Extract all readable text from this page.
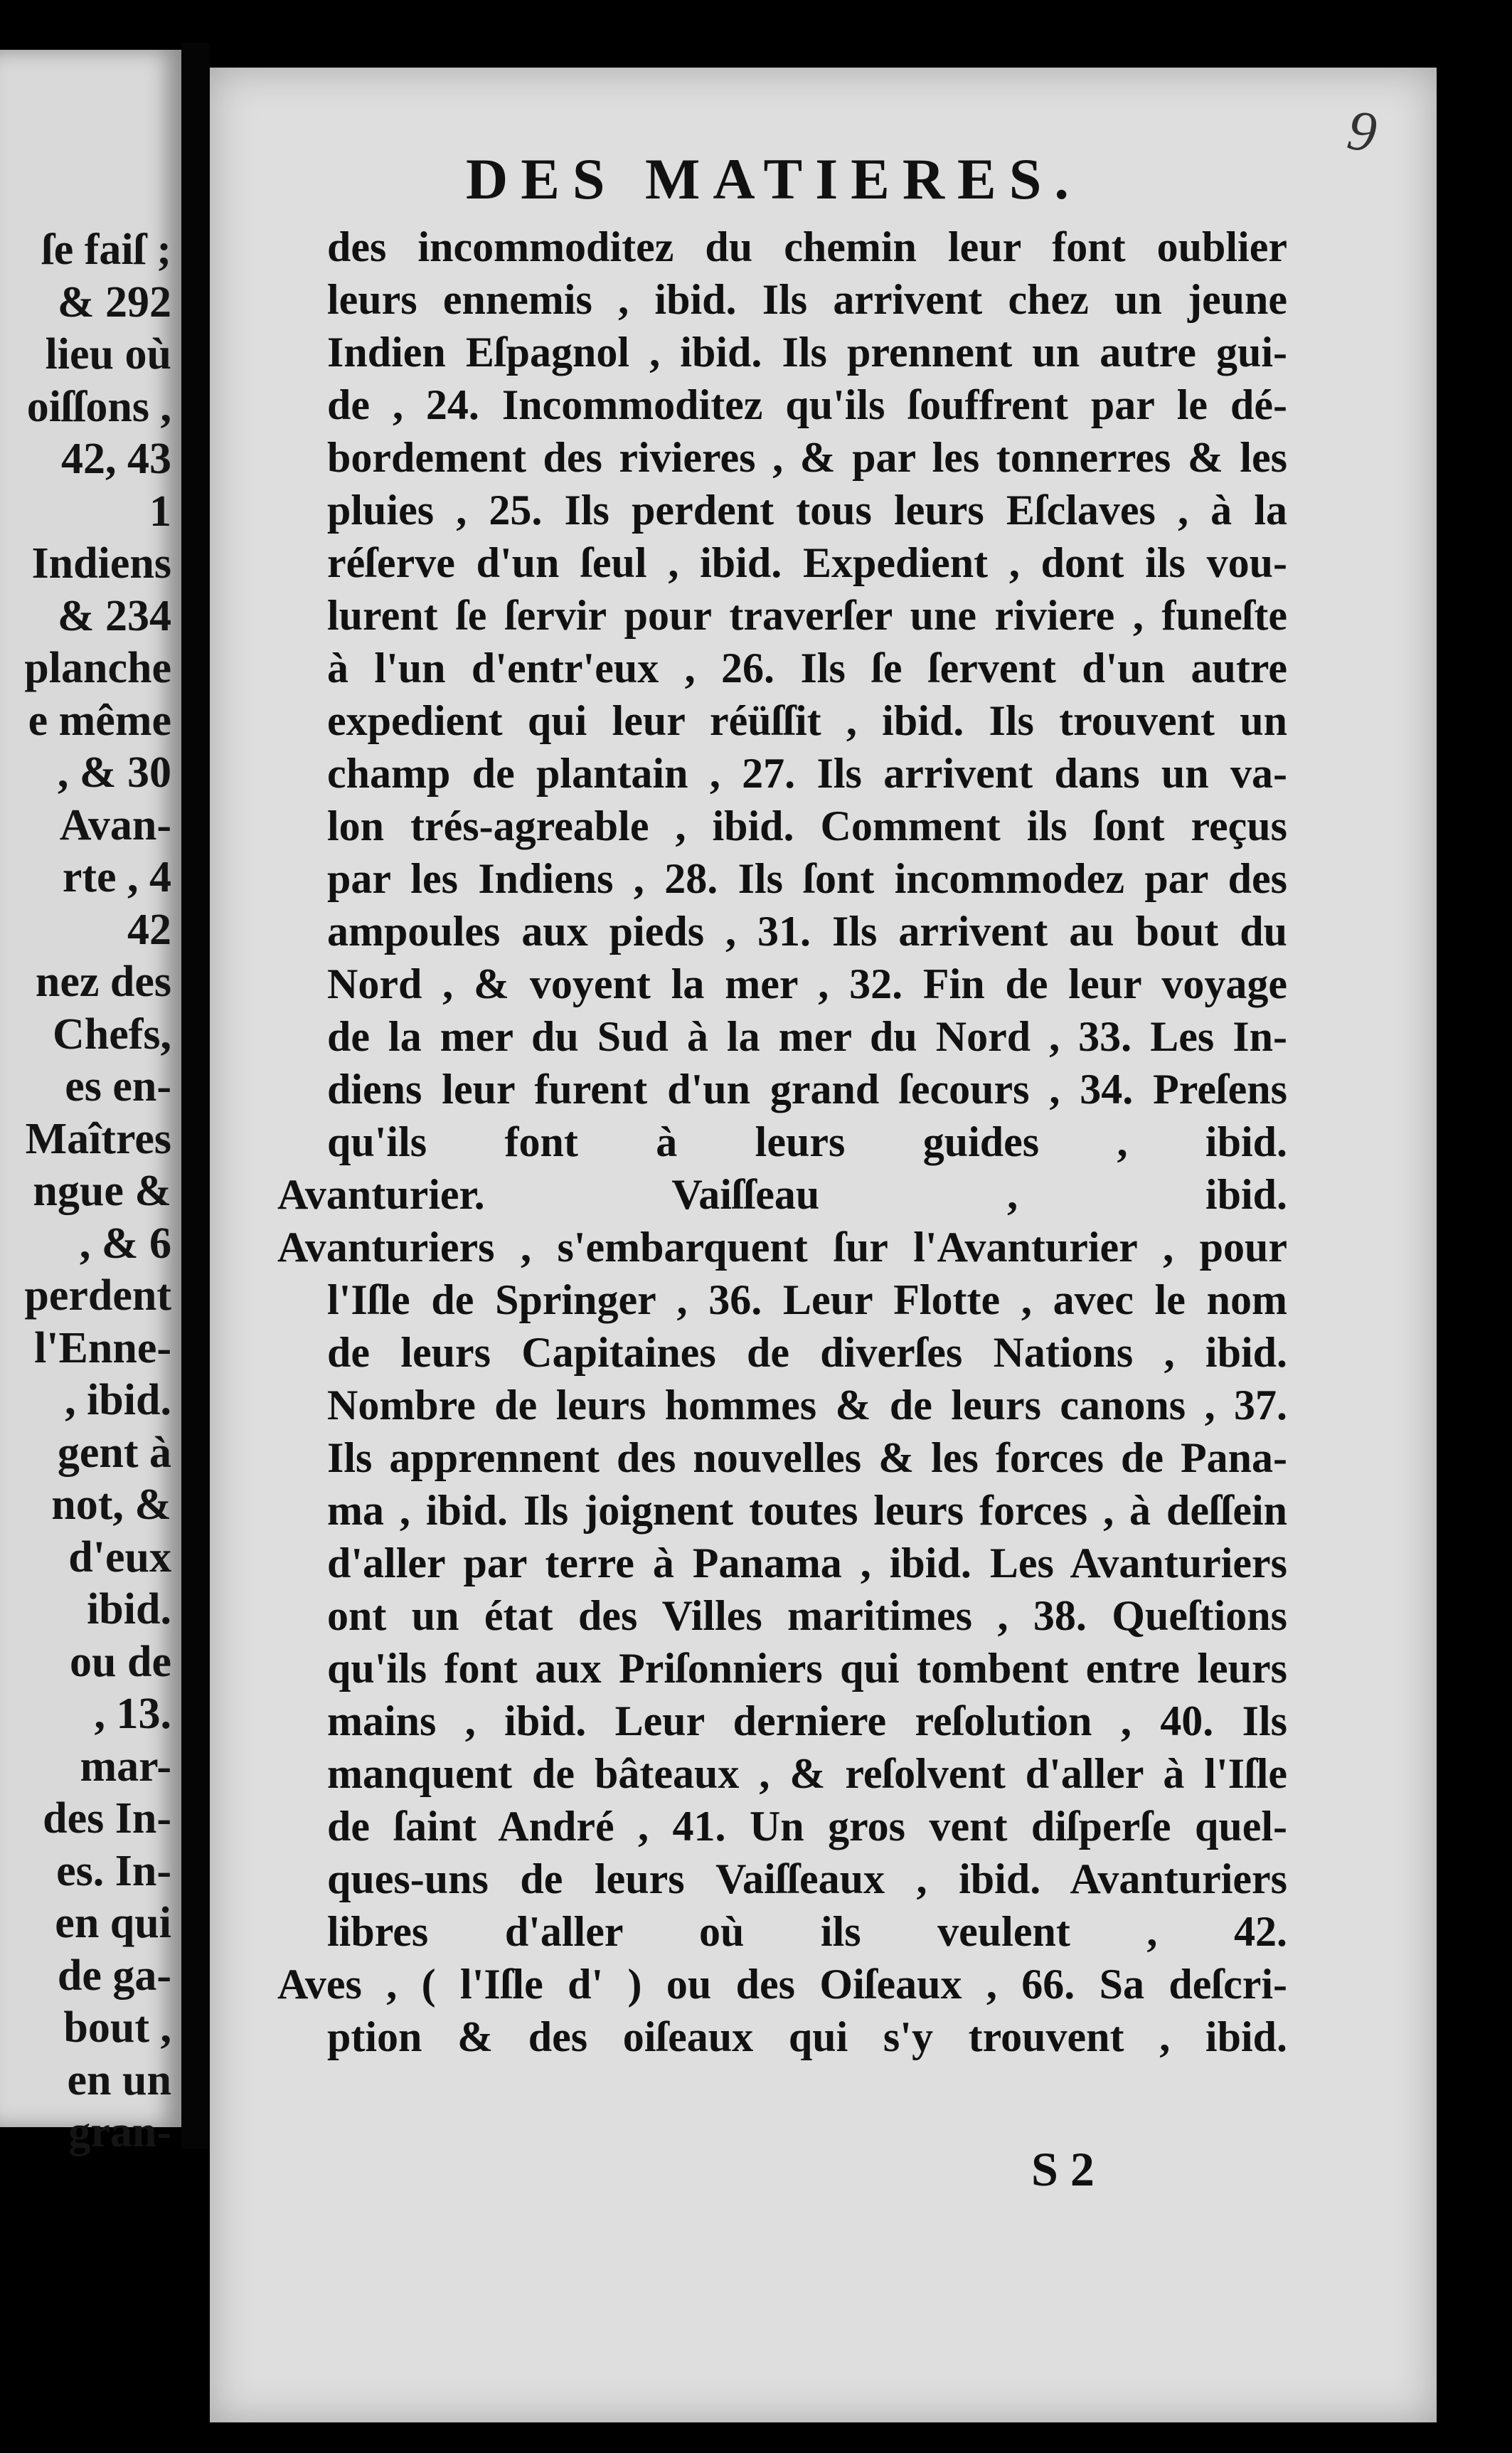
ſe faiſ ;
& 292
lieu où
oiſſons ,
42, 43
1
Indiens
& 234
planche
e même
, & 30
Avan-
rte , 4
42
nez des
Chefs,
es en-
Maîtres
ngue &
, & 6
perdent
l'Enne-
, ibid.
gent à
not, &
d'eux
ibid.
ou de
, 13.
mar-
des In-
es. In-
en qui
de ga-
bout ,
en un
gran-
9
DES MATIERES.
des incommoditez du chemin leur font oublier
leurs ennemis , ibid. Ils arrivent chez un jeune
Indien Eſpagnol , ibid. Ils prennent un autre gui-
de , 24. Incommoditez qu'ils ſouffrent par le dé-
bordement des rivieres , & par les tonnerres & les
pluies , 25. Ils perdent tous leurs Eſclaves , à la
réſerve d'un ſeul , ibid. Expedient , dont ils vou-
lurent ſe ſervir pour traverſer une riviere , funeſte
à l'un d'entr'eux , 26. Ils ſe ſervent d'un autre
expedient qui leur réüſſit , ibid. Ils trouvent un
champ de plantain , 27. Ils arrivent dans un va-
lon trés-agreable , ibid. Comment ils ſont reçus
par les Indiens , 28. Ils ſont incommodez par des
ampoules aux pieds , 31. Ils arrivent au bout du
Nord , & voyent la mer , 32. Fin de leur voyage
de la mer du Sud à la mer du Nord , 33. Les In-
diens leur furent d'un grand ſecours , 34. Preſens
qu'ils font à leurs guides , ibid.
Avanturier. Vaiſſeau , ibid.
Avanturiers , s'embarquent ſur l'Avanturier , pour
l'Iſle de Springer , 36. Leur Flotte , avec le nom
de leurs Capitaines de diverſes Nations , ibid.
Nombre de leurs hommes & de leurs canons , 37.
Ils apprennent des nouvelles & les forces de Pana-
ma , ibid. Ils joignent toutes leurs forces , à deſſein
d'aller par terre à Panama , ibid. Les Avanturiers
ont un état des Villes maritimes , 38. Queſtions
qu'ils font aux Priſonniers qui tombent entre leurs
mains , ibid. Leur derniere reſolution , 40. Ils
manquent de bâteaux , & reſolvent d'aller à l'Iſle
de ſaint André , 41. Un gros vent diſperſe quel-
ques-uns de leurs Vaiſſeaux , ibid. Avanturiers
libres d'aller où ils veulent , 42.
Aves , ( l'Iſle d' ) ou des Oiſeaux , 66. Sa deſcri-
ption & des oiſeaux qui s'y trouvent , ibid.
S 2
